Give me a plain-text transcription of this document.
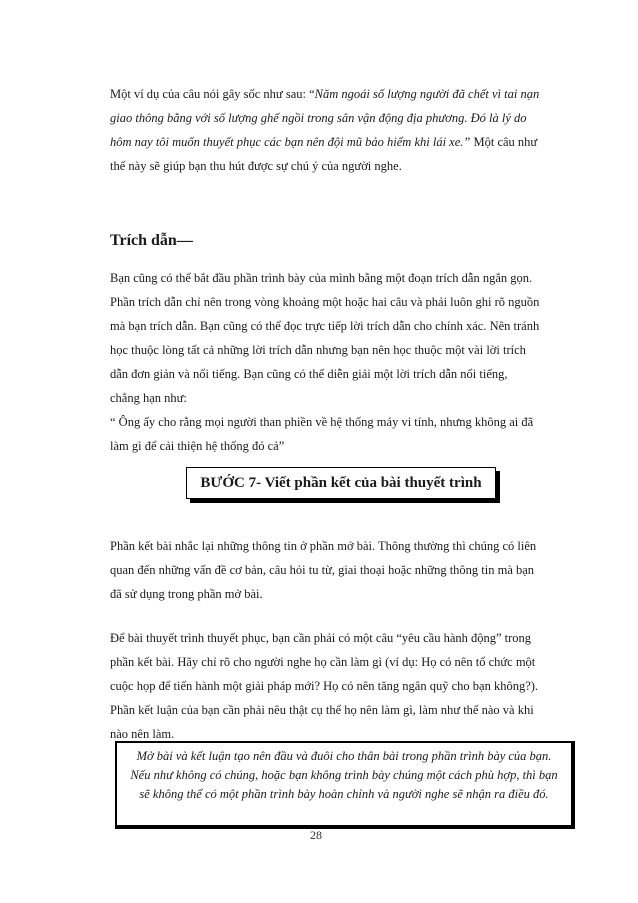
Một ví dụ của câu nói gây sốc như sau: “Năm ngoái số lượng người đã chết vì tai nạn giao thông bằng với số lượng ghế ngồi trong sân vận động địa phương. Đó là lý do hôm nay tôi muốn thuyết phục các bạn nên đội mũ bảo hiểm khi lái xe.” Một câu như thế này sẽ giúp bạn thu hút được sự chú ý của người nghe.

Trích dẫn—
Bạn cũng có thể bắt đầu phần trình bày của mình bằng một đoạn trích dẫn ngắn gọn. Phần trích dẫn chỉ nên trong vòng khoảng một hoặc hai câu và phải luôn ghi rõ nguồn mà bạn trích dẫn. Bạn cũng có thể đọc trực tiếp lời trích dẫn cho chính xác. Nên tránh học thuộc lòng tất cả những lời trích dẫn nhưng bạn nên học thuộc một vài lời trích dẫn đơn giản và nổi tiếng. Bạn cũng có thể diễn giải một lời trích dẫn nổi tiếng, chẳng hạn như:
“ Ông ấy cho rằng mọi người than phiền về hệ thống máy vi tính, nhưng không ai đã làm gì để cải thiện hệ thống đó cả”
BƯỚC 7- Viết phần kết của bài thuyết trình

Phần kết bài nhắc lại những thông tin ở phần mở bài. Thông thường thì chúng có liên quan đến những vấn đề cơ bản, câu hỏi tu từ, giai thoại hoặc những thông tin mà bạn đã sử dụng trong phần mở bài.

Để bài thuyết trình thuyết phục, bạn cần phải có một câu “yêu cầu hành động” trong phần kết bài. Hãy chỉ rõ cho người nghe họ cần làm gì (ví dụ: Họ có nên tổ chức một cuộc họp để tiến hành một giải pháp mới? Họ có nên tăng ngân quỹ cho bạn không?). Phần kết luận của bạn cần phải nêu thật cụ thể họ nên làm gì, làm như thế nào và khi nào nên làm.

Mở bài và kết luận tạo nên đầu và đuôi cho thân bài trong phần trình bày của bạn. Nếu như không có chúng, hoặc bạn không trình bày chúng một cách phù hợp, thì bạn sẽ không thể có một phần trình bày hoàn chỉnh và người nghe sẽ nhận ra điều đó.

28
